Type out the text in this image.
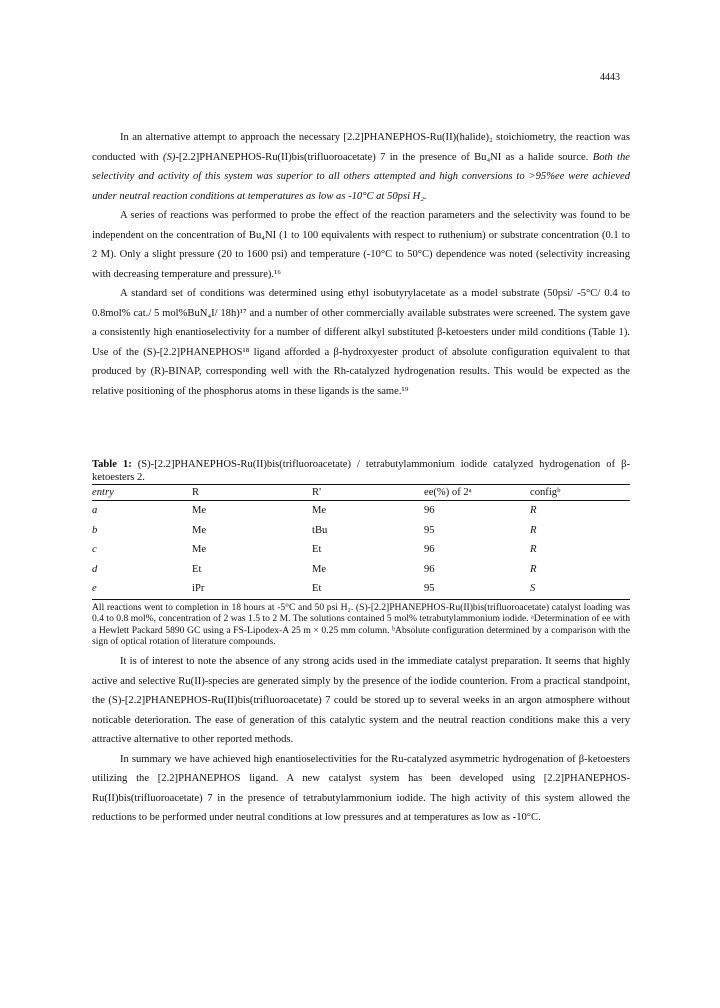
4443

In an alternative attempt to approach the necessary [2.2]PHANEPHOS-Ru(II)(halide)₂ stoichiometry, the reaction was conducted with (S)-[2.2]PHANEPHOS-Ru(II)bis(trifluoroacetate) 7 in the presence of Bu₄NI as a halide source. Both the selectivity and activity of this system was superior to all others attempted and high conversions to >95%ee were achieved under neutral reaction conditions at temperatures as low as -10°C at 50psi H₂.

A series of reactions was performed to probe the effect of the reaction parameters and the selectivity was found to be independent on the concentration of Bu₄NI (1 to 100 equivalents with respect to ruthenium) or substrate concentration (0.1 to 2 M). Only a slight pressure (20 to 1600 psi) and temperature (-10°C to 50°C) dependence was noted (selectivity increasing with decreasing temperature and pressure).¹⁶

A standard set of conditions was determined using ethyl isobutyrylacetate as a model substrate (50psi/ -5°C/ 0.4 to 0.8mol% cat./ 5 mol%BuN₄I/ 18h)¹⁷ and a number of other commercially available substrates were screened. The system gave a consistently high enantioselectivity for a number of different alkyl substituted β-ketoesters under mild conditions (Table 1). Use of the (S)-[2.2]PHANEPHOS¹⁸ ligand afforded a β-hydroxyester product of absolute configuration equivalent to that produced by (R)-BINAP, corresponding well with the Rh-catalyzed hydrogenation results. This would be expected as the relative positioning of the phosphorus atoms in these ligands is the same.¹⁹

Table 1: (S)-[2.2]PHANEPHOS-Ru(II)bis(trifluoroacetate) / tetrabutylammonium iodide catalyzed hydrogenation of β-ketoesters 2.
entry	R	R'	ee(%) of 2ᵃ	configᵇ
a	Me	Me	96	R
b	Me	tBu	95	R
c	Me	Et	96	R
d	Et	Me	96	R
e	iPr	Et	95	S
All reactions went to completion in 18 hours at -5°C and 50 psi H₂. (S)-[2.2]PHANEPHOS-Ru(II)bis(trifluoroacetate) catalyst loading was 0.4 to 0.8 mol%, concentration of 2 was 1.5 to 2 M. The solutions contained 5 mol% tetrabutylammonium iodide. ᵃDetermination of ee with a Hewlett Packard 5890 GC using a FS-Lipodex-A 25 m × 0.25 mm column. ᵇAbsolute configuration determined by a comparison with the sign of optical rotation of literature compounds.

It is of interest to note the absence of any strong acids used in the immediate catalyst preparation. It seems that highly active and selective Ru(II)-species are generated simply by the presence of the iodide counterion. From a practical standpoint, the (S)-[2.2]PHANEPHOS-Ru(II)bis(trifluoroacetate) 7 could be stored up to several weeks in an argon atmosphere without noticable deterioration. The ease of generation of this catalytic system and the neutral reaction conditions make this a very attractive alternative to other reported methods.

In summary we have achieved high enantioselectivities for the Ru-catalyzed asymmetric hydrogenation of β-ketoesters utilizing the [2.2]PHANEPHOS ligand. A new catalyst system has been developed using [2.2]PHANEPHOS-Ru(II)bis(trifluoroacetate) 7 in the presence of tetrabutylammonium iodide. The high activity of this system allowed the reductions to be performed under neutral conditions at low pressures and at temperatures as low as -10°C.
